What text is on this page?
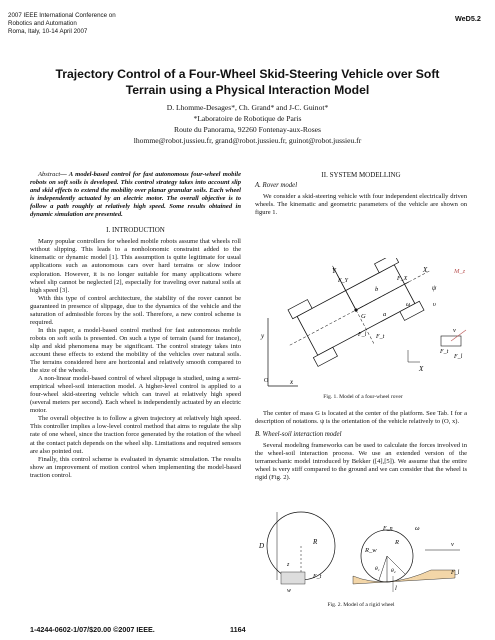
2007 IEEE International Conference on
Robotics and Automation
Roma, Italy, 10-14 April 2007
WeD5.2
Trajectory Control of a Four-Wheel Skid-Steering Vehicle over Soft Terrain using a Physical Interaction Model
D. Lhomme-Desages*, Ch. Grand* and J-C. Guinot*
*Laboratoire de Robotique de Paris
Route du Panorama, 92260 Fontenay-aux-Roses
lhomme@robot.jussieu.fr, grand@robot.jussieu.fr, guinot@robot.jussieu.fr

Abstract— A model-based control for fast autonomous four-wheel mobile robots on soft soils is developed. This control strategy takes into account slip and skid effects to extend the mobility over planar granular soils. Each wheel is independently actuated by an electric motor. The overall objective is to follow a path roughly at relatively high speed. Some results obtained in dynamic simulation are presented.

I. INTRODUCTION

Many popular controllers for wheeled mobile robots assume that wheels roll without slipping. This leads to a nonholonomic constraint added to the kinematic or dynamic model [1]. This assumption is quite legitimate for usual applications such as autonomous cars over hard terrains or slow indoor exploration. However, it is no longer suitable for many applications where wheel slip cannot be neglected [2], especially for traveling over natural soils at high speed [3].

With this type of control architecture, the stability of the rover cannot be guaranteed in presence of slippage, due to the dynamics of the vehicle and the saturation of admissible forces by the soil. Therefore, a new control scheme is required.

In this paper, a model-based control method for fast autonomous mobile robots on soft soils is presented. On such a type of terrain (sand for instance), slip and skid phenomena may be significant. The control strategy takes into account these effects to extend the mobility of the vehicles over natural soils. The terrains considered here are horizontal and relatively smooth compared to the size of the wheels.

A non-linear model-based control of wheel slippage is studied, using a semi-empirical wheel-soil interaction model. A higher-level control is applied to a four-wheel skid-steering vehicle which can travel at relatively high speed (several meters per second). Each wheel is independently actuated by an electric motor.

The overall objective is to follow a given trajectory at relatively high speed. This controller implies a low-level control method that aims to regulate the slip rate of one wheel, since the traction force generated by the rotation of the wheel at the contact patch depends on the wheel slip. Limitations and required sensors are also pointed out.

Finally, this control scheme is evaluated in dynamic simulation. The results show an improvement of motion control when implementing the model-based traction control.

II. SYSTEM MODELLING
A. Rover model

We consider a skid-steering vehicle with four independent electrically driven wheels. The kinematic and geometric parameters of the vehicle are shown on figure 1.

O
y
x
G
Y	X
F_Y	F_X
b
a
ψ
M_z
F_l F_t
v
F_t
F_l
X
ω	υ
Fig. 1. Model of a four-wheel rover

The center of mass G is located at the center of the platform. See Tab. I for a description of notations. ψ is the orientation of the vehicle relatively to (O, x).

B. Wheel-soil interaction model

Several modeling frameworks can be used to calculate the forces involved in the wheel-soil interaction process. We use an extended version of the terramechanic model introduced by Bekker ([4],[5]). We assume that the entire wheel is very stiff compared to the ground and we can consider that the wheel is rigid (Fig. 2).

D	R
z
w
F_t
R_w
F_n
R
θ₁ θ₂
l
ω
v
F_l
Fig. 2. Model of a rigid wheel
1-4244-0602-1/07/$20.00 ©2007 IEEE.	1164
